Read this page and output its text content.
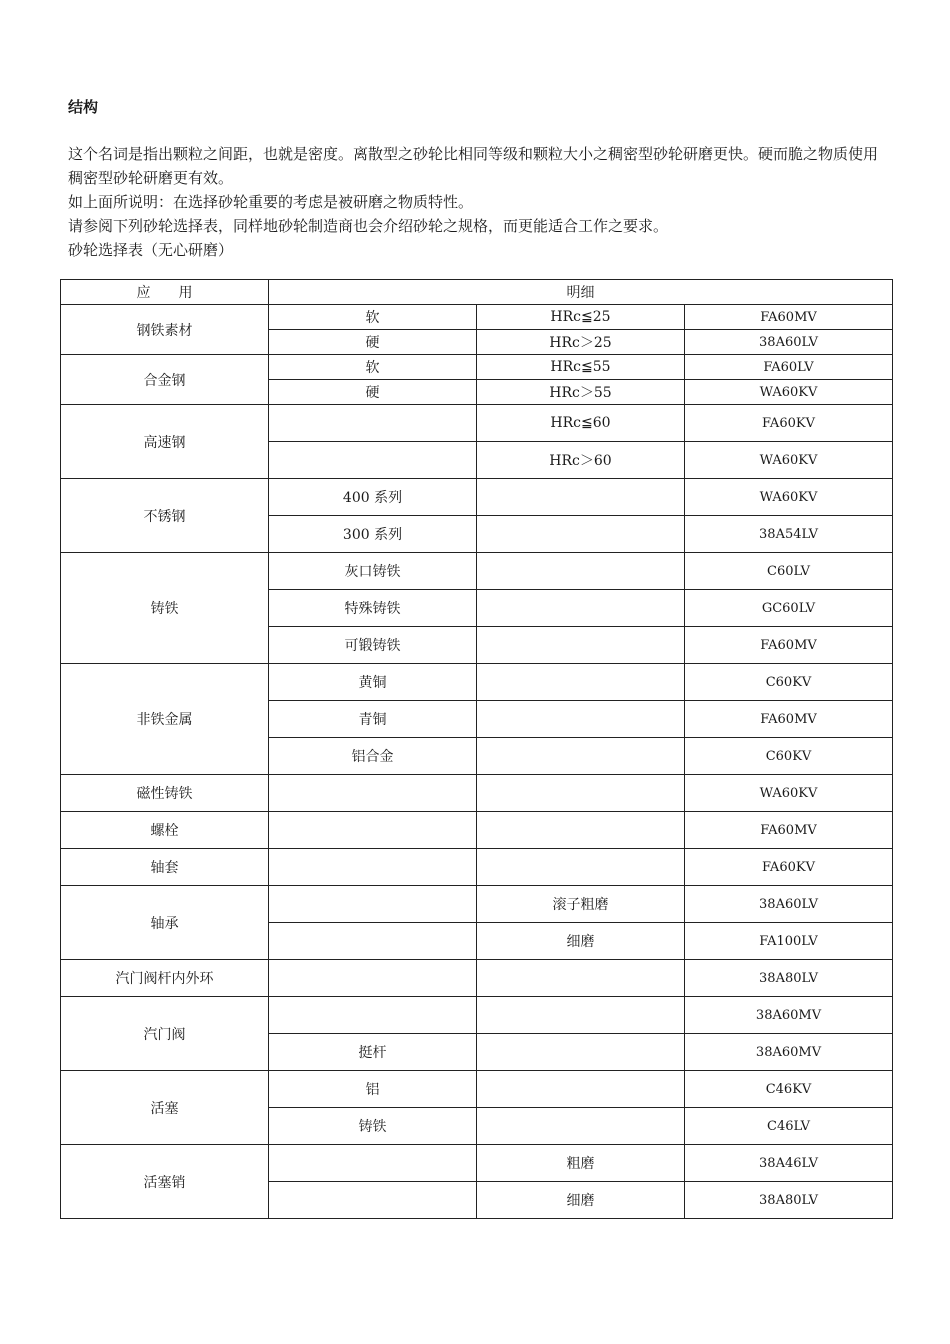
结构
这个名词是指出颗粒之间距，也就是密度。离散型之砂轮比相同等级和颗粒大小之稠密型砂轮研磨更快。硬而脆之物质使用稠密型砂轮研磨更有效。
如上面所说明：在选择砂轮重要的考虑是被研磨之物质特性。
请参阅下列砂轮选择表，同样地砂轮制造商也会介绍砂轮之规格，而更能适合工作之要求。
砂轮选择表（无心研磨）
应　　用	明细		
钢铁素材	软	HRc≦25	FA60MV
	硬	HRc＞25	38A60LV
合金钢	软	HRc≦55	FA60LV
	硬	HRc＞55	WA60KV
高速钢		HRc≦60	FA60KV
		HRc＞60	WA60KV
不锈钢	400 系列		WA60KV
	300 系列		38A54LV
铸铁	灰口铸铁		C60LV
	特殊铸铁		GC60LV
	可锻铸铁		FA60MV
非铁金属	黄铜		C60KV
	青铜		FA60MV
	铝合金		C60KV
磁性铸铁			WA60KV
螺栓			FA60MV
轴套			FA60KV
轴承		滚子粗磨	38A60LV
		细磨	FA100LV
汽门阀杆内外环			38A80LV
汽门阀			38A60MV
	挺杆		38A60MV
活塞	铝		C46KV
	铸铁		C46LV
活塞销		粗磨	38A46LV
		细磨	38A80LV
